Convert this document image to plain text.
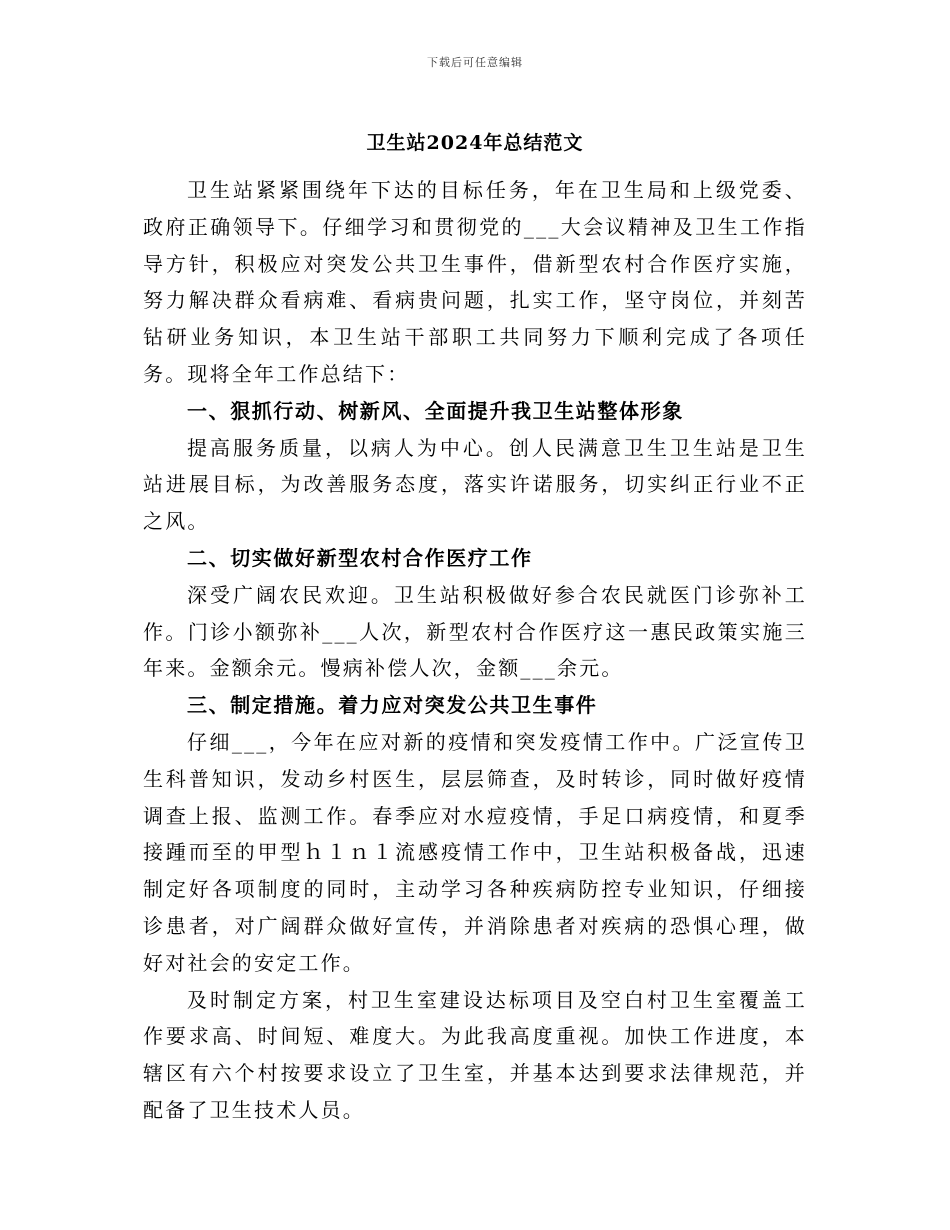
下载后可任意编辑
卫生站2024年总结范文

卫生站紧紧围绕年下达的目标任务，年在卫生局和上级党委、政府正确领导下。仔细学习和贯彻党的___大会议精神及卫生工作指导方针，积极应对突发公共卫生事件，借新型农村合作医疗实施，努力解决群众看病难、看病贵问题，扎实工作，坚守岗位，并刻苦钻研业务知识，本卫生站干部职工共同努力下顺利完成了各项任务。现将全年工作总结下：

一、狠抓行动、树新风、全面提升我卫生站整体形象

提高服务质量，以病人为中心。创人民满意卫生卫生站是卫生站进展目标，为改善服务态度，落实许诺服务，切实纠正行业不正之风。

二、切实做好新型农村合作医疗工作

深受广阔农民欢迎。卫生站积极做好参合农民就医门诊弥补工作。门诊小额弥补___人次，新型农村合作医疗这一惠民政策实施三年来。金额余元。慢病补偿人次，金额___余元。

三、制定措施。着力应对突发公共卫生事件

仔细___，今年在应对新的疫情和突发疫情工作中。广泛宣传卫生科普知识，发动乡村医生，层层筛查，及时转诊，同时做好疫情调查上报、监测工作。春季应对水痘疫情，手足口病疫情，和夏季接踵而至的甲型ｈ１ｎ１流感疫情工作中，卫生站积极备战，迅速制定好各项制度的同时，主动学习各种疾病防控专业知识，仔细接诊患者，对广阔群众做好宣传，并消除患者对疾病的恐惧心理，做好对社会的安定工作。

及时制定方案，村卫生室建设达标项目及空白村卫生室覆盖工作要求高、时间短、难度大。为此我高度重视。加快工作进度，本辖区有六个村按要求设立了卫生室，并基本达到要求法律规范，并配备了卫生技术人员。
